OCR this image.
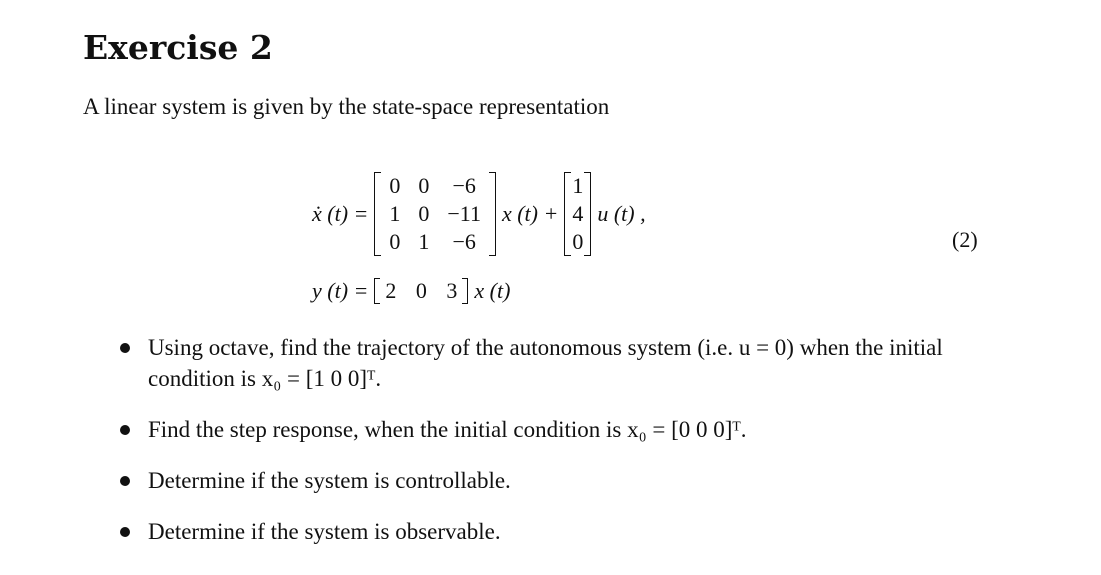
Exercise 2
A linear system is given by the state-space representation
ẋ (t) =
0	0	−6
1	0	−11
0	1	−6
x (t) +
1
4
0
u (t) ,
(2)
y (t) = 2 0 3 x (t)
Using octave, find the trajectory of the autonomous system (i.e. u = 0) when the initial condition is x₀ = [1 0 0]ᵀ.
Find the step response, when the initial condition is x₀ = [0 0 0]ᵀ.
Determine if the system is controllable.
Determine if the system is observable.
